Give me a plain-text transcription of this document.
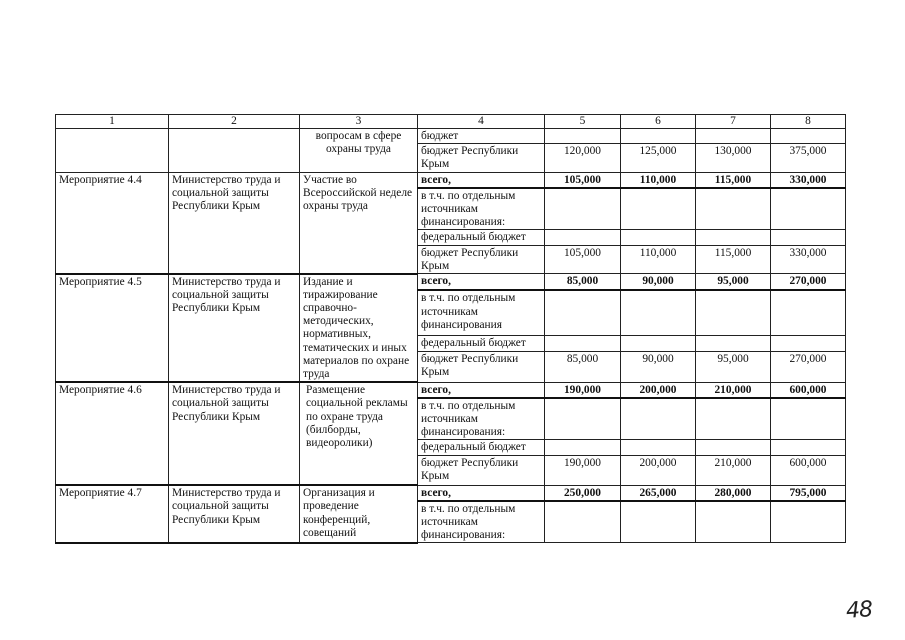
1	2	3	4	5	6	7	8
		вопросам в сфере охраны труда	бюджет				
			бюджет Республики Крым	120,000	125,000	130,000	375,000
Мероприятие 4.4	Министерство труда и социальной защиты Республики Крым	Участие во Всероссийской неделе охраны труда	всего,	105,000	110,000	115,000	330,000
			в т.ч. по отдельным источникам финансирования:				
			федеральный бюджет				
			бюджет Республики Крым	105,000	110,000	115,000	330,000
Мероприятие 4.5	Министерство труда и социальной защиты Республики Крым	Издание и тиражирование справочно-методических, нормативных, тематических и иных материалов по охране труда	всего,	85,000	90,000	95,000	270,000
			в т.ч. по отдельным источникам финансирования				
			федеральный бюджет				
			бюджет Республики Крым	85,000	90,000	95,000	270,000
Мероприятие 4.6	Министерство труда и социальной защиты Республики Крым	Размещение социальной рекламы по охране труда (билборды, видеоролики)	всего,	190,000	200,000	210,000	600,000
			в т.ч. по отдельным источникам финансирования:				
			федеральный бюджет				
			бюджет Республики Крым	190,000	200,000	210,000	600,000
Мероприятие 4.7	Министерство труда и социальной защиты Республики Крым	Организация и проведение конференций, совещаний	всего,	250,000	265,000	280,000	795,000
			в т.ч. по отдельным источникам финансирования:				
48
